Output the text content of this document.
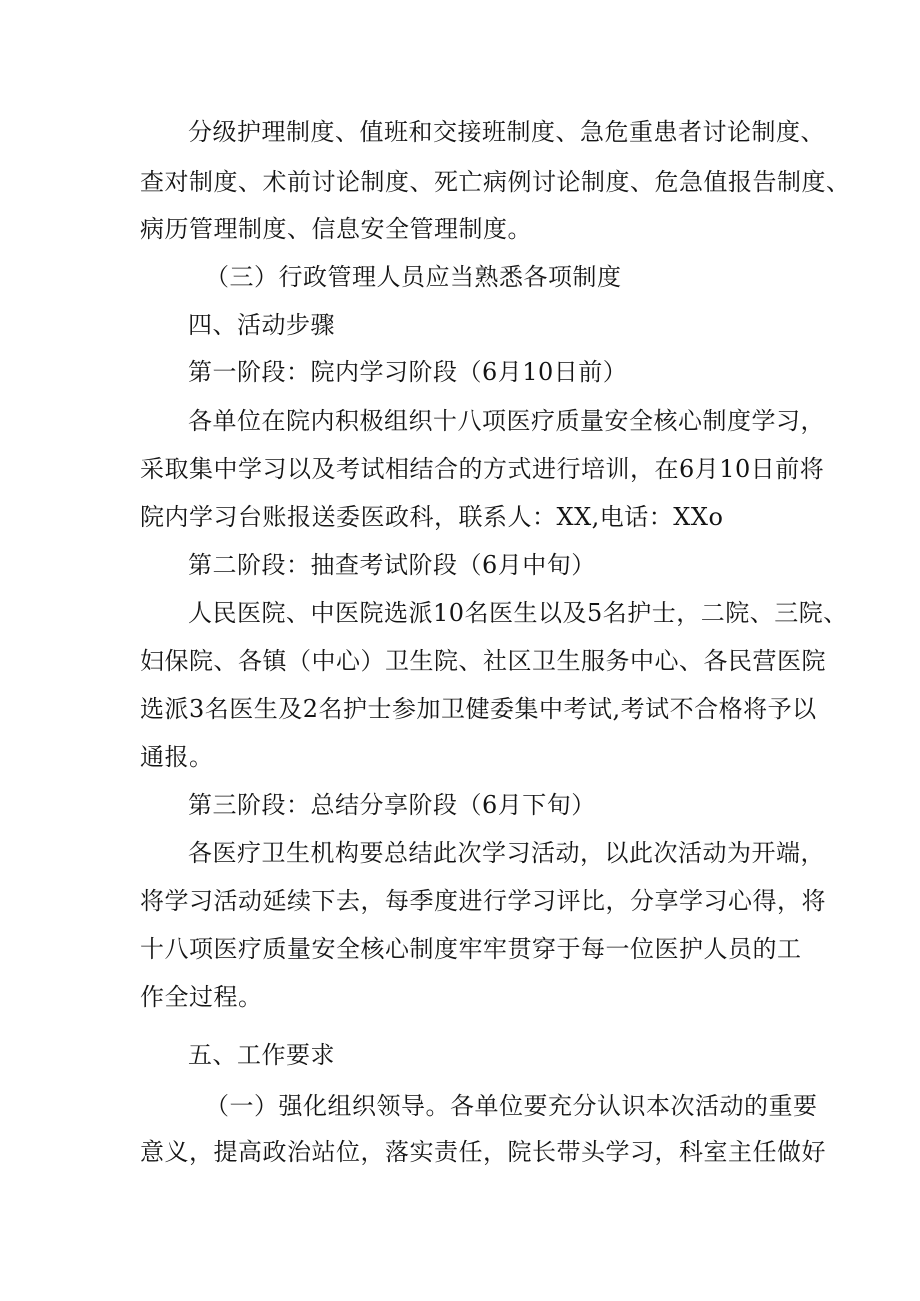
分级护理制度、值班和交接班制度、急危重患者讨论制度、
查对制度、术前讨论制度、死亡病例讨论制度、危急值报告制度、
病历管理制度、信息安全管理制度。
（三）行政管理人员应当熟悉各项制度
四、活动步骤
第一阶段：院内学习阶段（6月10日前）
各单位在院内积极组织十八项医疗质量安全核心制度学习，
采取集中学习以及考试相结合的方式进行培训，在6月10日前将
院内学习台账报送委医政科，联系人：XX,电话：XXo
第二阶段：抽查考试阶段（6月中旬）
人民医院、中医院选派10名医生以及5名护士，二院、三院、
妇保院、各镇（中心）卫生院、社区卫生服务中心、各民营医院
选派3名医生及2名护士参加卫健委集中考试,考试不合格将予以
通报。
第三阶段：总结分享阶段（6月下旬）
各医疗卫生机构要总结此次学习活动，以此次活动为开端，
将学习活动延续下去，每季度进行学习评比，分享学习心得，将
十八项医疗质量安全核心制度牢牢贯穿于每一位医护人员的工
作全过程。
五、工作要求
（一）强化组织领导。各单位要充分认识本次活动的重要
意义，提高政治站位，落实责任，院长带头学习，科室主任做好
